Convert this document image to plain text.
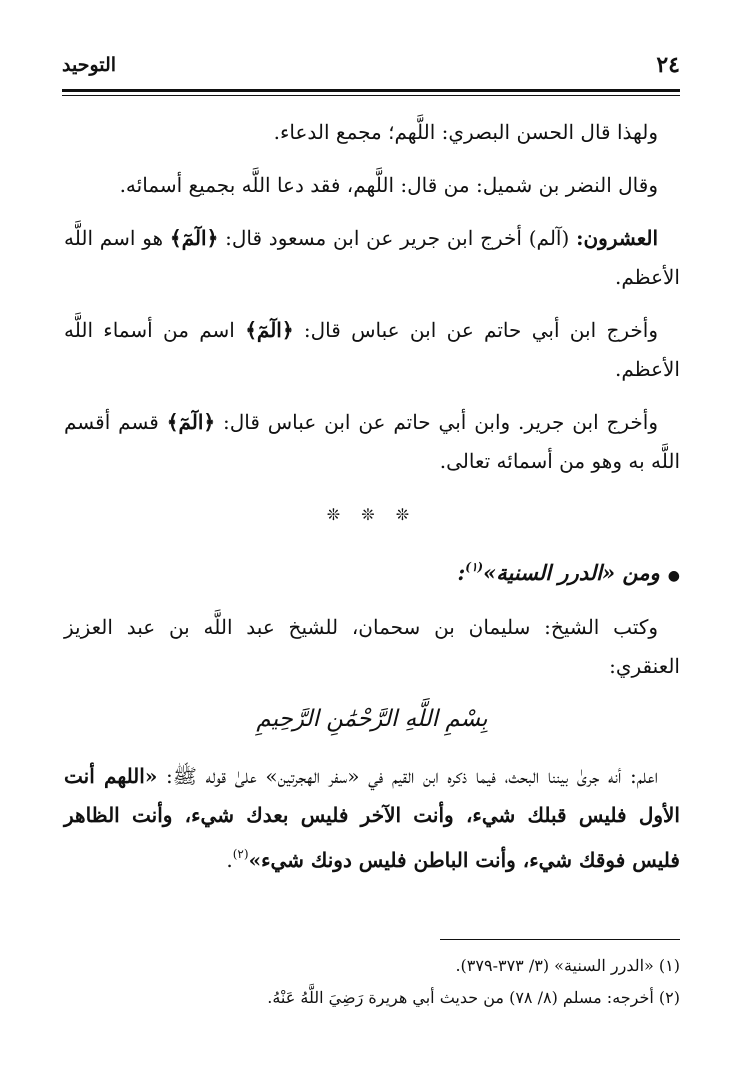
٢٤
التوحيد

ولهذا قال الحسن البصري: اللَّهم؛ مجمع الدعاء.

وقال النضر بن شميل: من قال: اللَّهم، فقد دعا اللَّه بجميع أسمائه.

العشرون: (آلم) أخرج ابن جرير عن ابن مسعود قال: ﴿الٓمٓ﴾ هو اسم اللَّه الأعظم.

وأخرج ابن أبي حاتم عن ابن عباس قال: ﴿الٓمٓ﴾ اسم من أسماء اللَّه الأعظم.

وأخرج ابن جرير. وابن أبي حاتم عن ابن عباس قال: ﴿الٓمٓ﴾ قسم أقسم اللَّه به وهو من أسمائه تعالى.

❊ ❊ ❊

●ومن «الدرر السنية»$^{(١)}$:

وكتب الشيخ: سليمان بن سحمان، للشيخ عبد اللَّه بن عبد العزيز العنقري:

بِسْمِ اللَّهِ الرَّحْمَٰنِ الرَّحِيمِ

اعلم: أنه جرىٰ بيننا البحث، فيما ذكره ابن القيم في «سفر الهجرتين» علىٰ قوله ﷺ: «اللهم أنت الأول فليس قبلك شيء، وأنت الآخر فليس بعدك شيء، وأنت الظاهر فليس فوقك شيء، وأنت الباطن فليس دونك شيء»$^{(٢)}$.

(١) «الدرر السنية» (٣/ ٣٧٣-٣٧٩).

(٢) أخرجه: مسلم (٨/ ٧٨) من حديث أبي هريرة رَضِيَ اللَّهُ عَنْهُ.
